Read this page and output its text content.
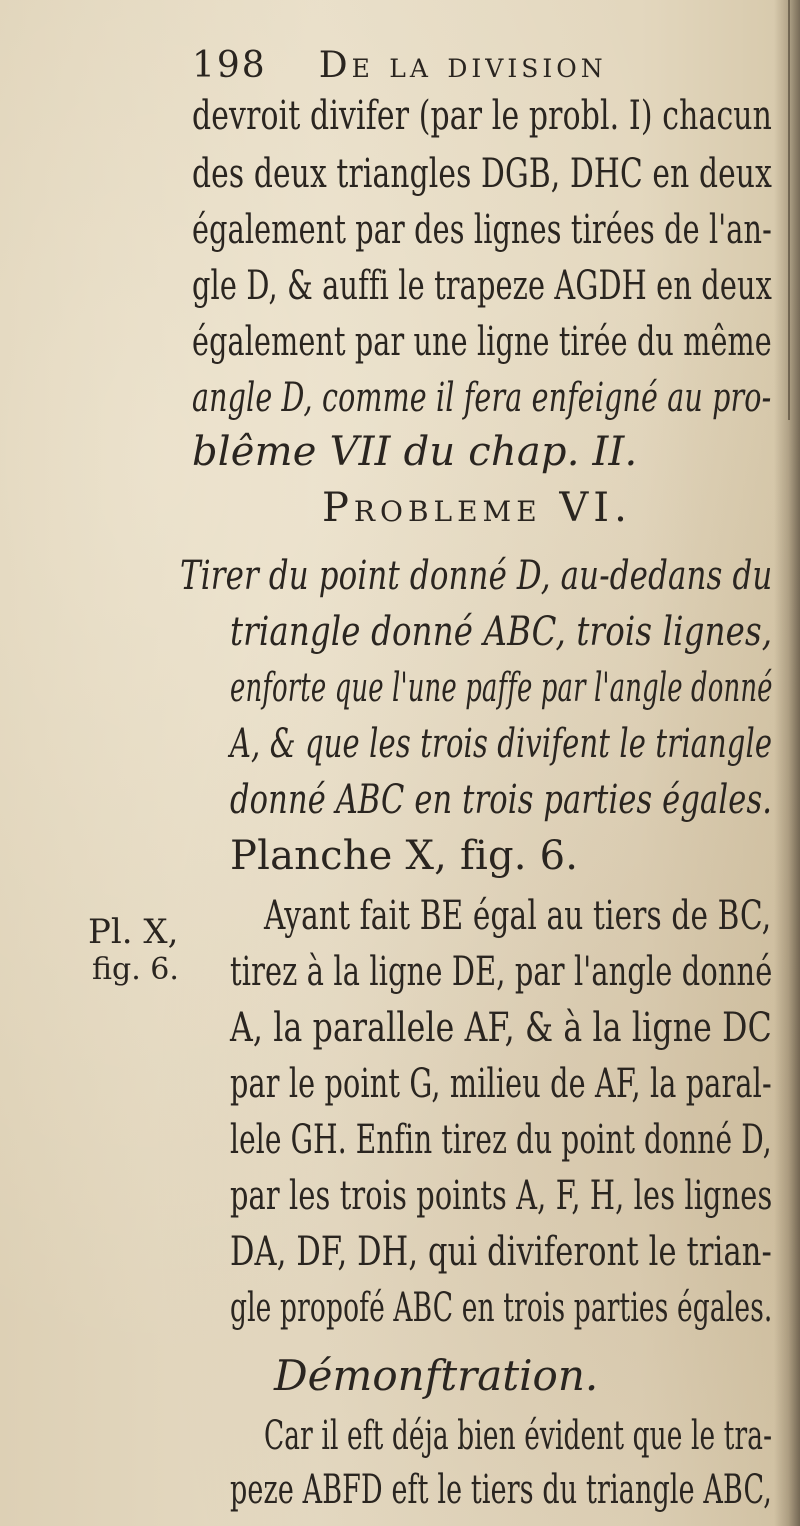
198 De la division
devroit divifer (par le probl. I) chacun
des deux triangles DGB, DHC en deux
également par des lignes tirées de l'an-
gle D, & auffi le trapeze AGDH en deux
également par une ligne tirée du même
Probleme VI.
Tirer du point donné D, au-dedans du
triangle donné ABC, trois lignes,
enforte que l'une paffe par l'angle donné
A, & que les trois divifent le triangle
donné ABC en trois parties égales.
Planche X, fig. 6.
Pl. X,
fig. 6.
Ayant fait BE égal au tiers de BC,
tirez à la ligne DE, par l'angle donné
A, la parallele AF, & à la ligne DC
par le point G, milieu de AF, la paral-
lele GH. Enfin tirez du point donné D,
par les trois points A, F, H, les lignes
DA, DF, DH, qui diviferont le trian-
gle propofé ABC en trois parties égales.
Démonftration.
Car il eft déja bien évident que le tra-
peze ABFD eft le tiers du triangle ABC,
angle D, comme il fera enfeigné au pro-
blême VII du chap. II.
